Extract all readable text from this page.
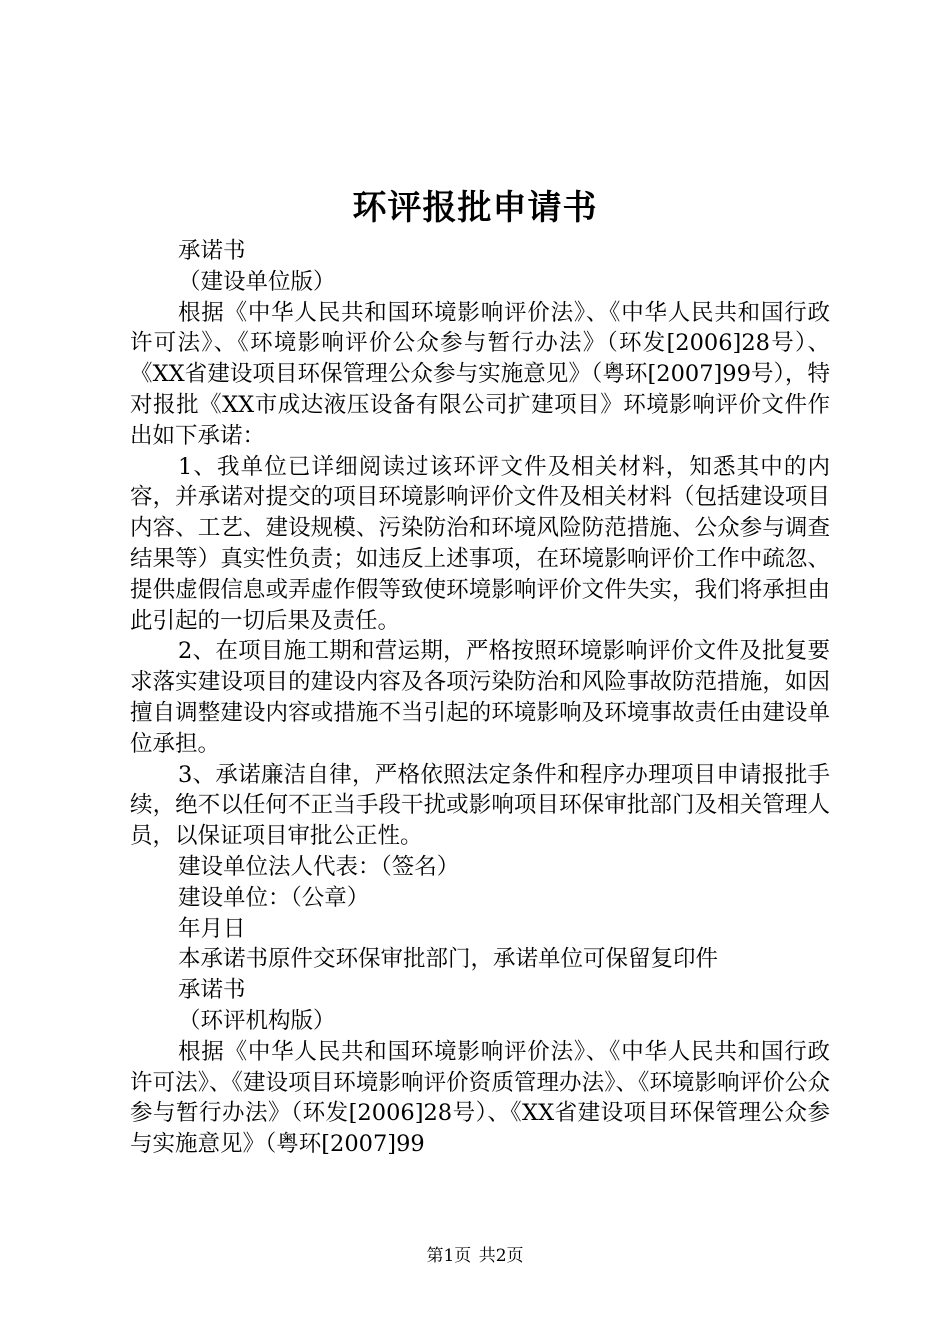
环评报批申请书

承诺书

（建设单位版）

根据《中华人民共和国环境影响评价法》、《中华人民共和国行政许可法》、《环境影响评价公众参与暂行办法》（环发[2006]28号）、《XX省建设项目环保管理公众参与实施意见》（粤环[2007]99号），特对报批《XX市成达液压设备有限公司扩建项目》环境影响评价文件作出如下承诺：

1、我单位已详细阅读过该环评文件及相关材料，知悉其中的内容，并承诺对提交的项目环境影响评价文件及相关材料（包括建设项目内容、工艺、建设规模、污染防治和环境风险防范措施、公众参与调查结果等）真实性负责；如违反上述事项，在环境影响评价工作中疏忽、提供虚假信息或弄虚作假等致使环境影响评价文件失实，我们将承担由此引起的一切后果及责任。

2、在项目施工期和营运期，严格按照环境影响评价文件及批复要求落实建设项目的建设内容及各项污染防治和风险事故防范措施，如因擅自调整建设内容或措施不当引起的环境影响及环境事故责任由建设单位承担。

3、承诺廉洁自律，严格依照法定条件和程序办理项目申请报批手续，绝不以任何不正当手段干扰或影响项目环保审批部门及相关管理人员，以保证项目审批公正性。

建设单位法人代表：（签名）

建设单位：（公章）

年月日

本承诺书原件交环保审批部门，承诺单位可保留复印件

承诺书

（环评机构版）

根据《中华人民共和国环境影响评价法》、《中华人民共和国行政许可法》、《建设项目环境影响评价资质管理办法》、《环境影响评价公众参与暂行办法》（环发[2006]28号）、《XX省建设项目环保管理公众参与实施意见》（粤环[2007]99

第1页 共2页
